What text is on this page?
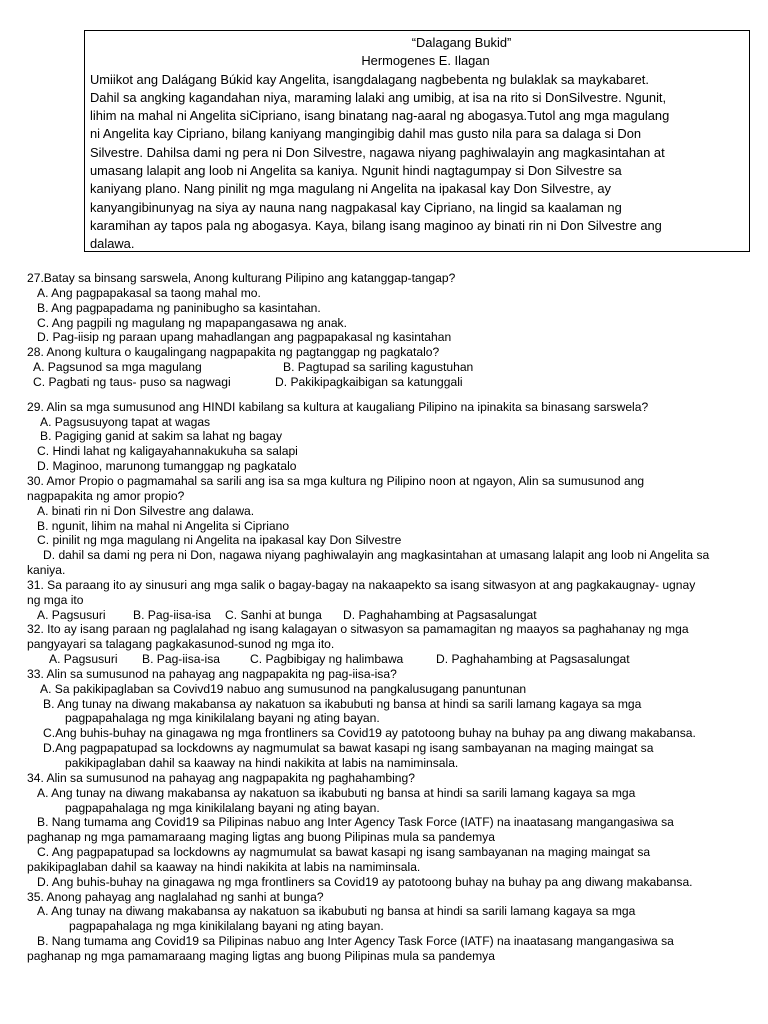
“Dalagang Bukid”
Hermogenes E. Ilagan
Umiikot ang Dalágang Búkid kay Angelita, isangdalagang nagbebenta ng bulaklak sa maykabaret.
Dahil sa angking kagandahan niya, maraming lalaki ang umibig, at isa na rito si DonSilvestre. Ngunit,
lihim na mahal ni Angelita siCipriano, isang binatang nag-aaral ng abogasya.Tutol ang mga magulang
ni Angelita kay Cipriano, bilang kaniyang mangingibig dahil mas gusto nila para sa dalaga si Don
Silvestre. Dahilsa dami ng pera ni Don Silvestre, nagawa niyang paghiwalayin ang magkasintahan at
umasang lalapit ang loob ni Angelita sa kaniya. Ngunit hindi nagtagumpay si Don Silvestre sa
kaniyang plano. Nang pinilit ng mga magulang ni Angelita na ipakasal kay Don Silvestre, ay
kanyangibinunyag na siya ay nauna nang nagpakasal kay Cipriano, na lingid sa kaalaman ng
karamihan ay tapos pala ng abogasya. Kaya, bilang isang maginoo ay binati rin ni Don Silvestre ang
dalawa.
27.Batay sa binsang sarswela, Anong kulturang Pilipino ang katanggap-tangap?
A. Ang pagpapakasal sa taong mahal mo.
B. Ang pagpapadama ng paninibugho sa kasintahan.
C. Ang pagpili ng magulang ng mapapangasawa ng anak.
D. Pag-iisip ng paraan upang mahadlangan ang pagpapakasal ng kasintahan
28. Anong kultura o kaugalingang nagpapakita ng pagtanggap ng pagkatalo?
A. Pagsunod sa mga magulang	B. Pagtupad sa sariling kagustuhan
C. Pagbati ng taus- puso sa nagwagi	D. Pakikipagkaibigan sa katunggali
29. Alin sa mga sumusunod ang HINDI kabilang sa kultura at kaugaliang Pilipino na ipinakita sa binasang sarswela?
A. Pagsusuyong tapat at wagas
B. Pagiging ganid at sakim sa lahat ng bagay
C. Hindi lahat ng kaligayahannakukuha sa salapi
D. Maginoo, marunong tumanggap ng pagkatalo
30. Amor Propio o pagmamahal sa sarili ang isa sa mga kultura ng Pilipino noon at ngayon, Alin sa sumusunod ang
nagpapakita ng amor propio?
A. binati rin ni Don Silvestre ang dalawa.
B. ngunit, lihim na mahal ni Angelita si Cipriano
C. pinilit ng mga magulang ni Angelita na ipakasal kay Don Silvestre
D. dahil sa dami ng pera ni Don, nagawa niyang paghiwalayin ang magkasintahan at umasang lalapit ang loob ni Angelita sa
kaniya.
31. Sa paraang ito ay sinusuri ang mga salik o bagay-bagay na nakaapekto sa isang sitwasyon at ang pagkakaugnay- ugnay
ng mga ito
A. Pagsusuri B. Pag-iisa-isa C. Sanhi at bunga D. Paghahambing at Pagsasalungat
32. Ito ay isang paraan ng paglalahad ng isang kalagayan o sitwasyon sa pamamagitan ng maayos sa paghahanay ng mga
pangyayari sa talagang pagkakasunod-sunod ng mga ito.
A. Pagsusuri B. Pag-iisa-isa C. Pagbibigay ng halimbawa	D. Paghahambing at Pagsasalungat
33. Alin sa sumusunod na pahayag ang nagpapakita ng pag-iisa-isa?
A. Sa pakikipaglaban sa Covivd19 nabuo ang sumusunod na pangkalusugang panuntunan
B. Ang tunay na diwang makabansa ay nakatuon sa ikabubuti ng bansa at hindi sa sarili lamang kagaya sa mga
pagpapahalaga ng mga kinikilalang bayani ng ating bayan.
C.Ang buhis-buhay na ginagawa ng mga frontliners sa Covid19 ay patotoong buhay na buhay pa ang diwang makabansa.
D.Ang pagpapatupad sa lockdowns ay nagmumulat sa bawat kasapi ng isang sambayanan na maging maingat sa
pakikipaglaban dahil sa kaaway na hindi nakikita at labis na namiminsala.
34. Alin sa sumusunod na pahayag ang nagpapakita ng paghahambing?
A. Ang tunay na diwang makabansa ay nakatuon sa ikabubuti ng bansa at hindi sa sarili lamang kagaya sa mga
pagpapahalaga ng mga kinikilalang bayani ng ating bayan.
B. Nang tumama ang Covid19 sa Pilipinas nabuo ang Inter Agency Task Force (IATF) na inaatasang mangangasiwa sa
paghanap ng mga pamamaraang maging ligtas ang buong Pilipinas mula sa pandemya
C. Ang pagpapatupad sa lockdowns ay nagmumulat sa bawat kasapi ng isang sambayanan na maging maingat sa
pakikipaglaban dahil sa kaaway na hindi nakikita at labis na namiminsala.
D. Ang buhis-buhay na ginagawa ng mga frontliners sa Covid19 ay patotoong buhay na buhay pa ang diwang makabansa.
35. Anong pahayag ang naglalahad ng sanhi at bunga?
A. Ang tunay na diwang makabansa ay nakatuon sa ikabubuti ng bansa at hindi sa sarili lamang kagaya sa mga
pagpapahalaga ng mga kinikilalang bayani ng ating bayan.
B. Nang tumama ang Covid19 sa Pilipinas nabuo ang Inter Agency Task Force (IATF) na inaatasang mangangasiwa sa
paghanap ng mga pamamaraang maging ligtas ang buong Pilipinas mula sa pandemya
